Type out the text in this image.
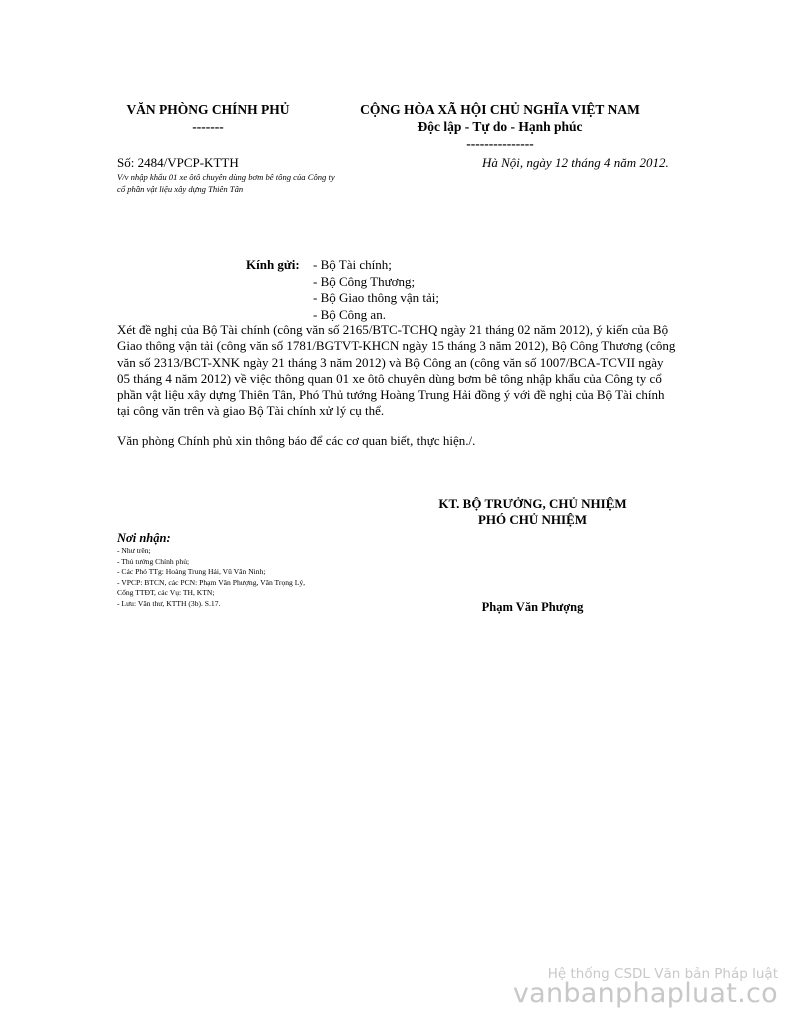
VĂN PHÒNG CHÍNH PHỦ
-------
CỘNG HÒA XÃ HỘI CHỦ NGHĨA VIỆT NAM
Độc lập - Tự do - Hạnh phúc
---------------
Số: 2484/VPCP-KTTH
V/v nhập khẩu 01 xe ôtô chuyên dùng bơm bê tông của Công ty cổ phần vật liệu xây dựng Thiên Tân
Hà Nội, ngày 12 tháng 4 năm 2012.
Kính gửi: - Bộ Tài chính;
- Bộ Công Thương;
- Bộ Giao thông vận tải;
- Bộ Công an.
Xét đề nghị của Bộ Tài chính (công văn số 2165/BTC-TCHQ ngày 21 tháng 02 năm 2012), ý kiến của Bộ Giao thông vận tải (công văn số 1781/BGTVT-KHCN ngày 15 tháng 3 năm 2012), Bộ Công Thương (công văn số 2313/BCT-XNK ngày 21 tháng 3 năm 2012) và Bộ Công an (công văn số 1007/BCA-TCVII ngày 05 tháng 4 năm 2012) về việc thông quan 01 xe ôtô chuyên dùng bơm bê tông nhập khẩu của Công ty cổ phần vật liệu xây dựng Thiên Tân, Phó Thủ tướng Hoàng Trung Hải đồng ý với đề nghị của Bộ Tài chính tại công văn trên và giao Bộ Tài chính xử lý cụ thể.
Văn phòng Chính phủ xin thông báo để các cơ quan biết, thực hiện./.
KT. BỘ TRƯỞNG, CHỦ NHIỆM
PHÓ CHỦ NHIỆM
Phạm Văn Phượng
Nơi nhận:
- Như trên;
- Thủ tướng Chính phủ;
- Các Phó TTg: Hoàng Trung Hải, Vũ Văn Ninh;
- VPCP: BTCN, các PCN: Phạm Văn Phượng, Văn Trọng Lý,
Cổng TTĐT, các Vụ: TH, KTN;
- Lưu: Văn thư, KTTH (3b). S.17.
Hệ thống CSDL Văn bản Pháp luật
vanbanphapluat.co
